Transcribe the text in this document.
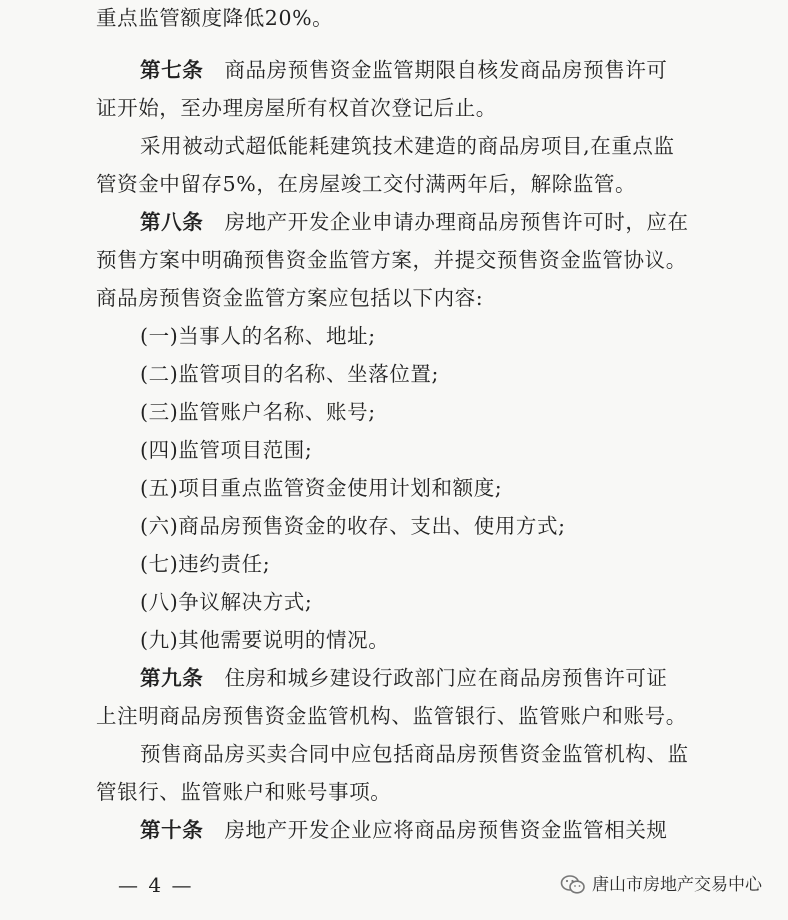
重点监管额度降低20%。
第七条 商品房预售资金监管期限自核发商品房预售许可
证开始，至办理房屋所有权首次登记后止。
采用被动式超低能耗建筑技术建造的商品房项目,在重点监
管资金中留存5%，在房屋竣工交付满两年后，解除监管。
第八条 房地产开发企业申请办理商品房预售许可时，应在
预售方案中明确预售资金监管方案，并提交预售资金监管协议。
商品房预售资金监管方案应包括以下内容:
(一)当事人的名称、地址;
(二)监管项目的名称、坐落位置;
(三)监管账户名称、账号;
(四)监管项目范围;
(五)项目重点监管资金使用计划和额度;
(六)商品房预售资金的收存、支出、使用方式;
(七)违约责任;
(八)争议解决方式;
(九)其他需要说明的情况。
第九条 住房和城乡建设行政部门应在商品房预售许可证
上注明商品房预售资金监管机构、监管银行、监管账户和账号。
预售商品房买卖合同中应包括商品房预售资金监管机构、监
管银行、监管账户和账号事项。
第十条 房地产开发企业应将商品房预售资金监管相关规
— 4 —	唐山市房地产交易中心
